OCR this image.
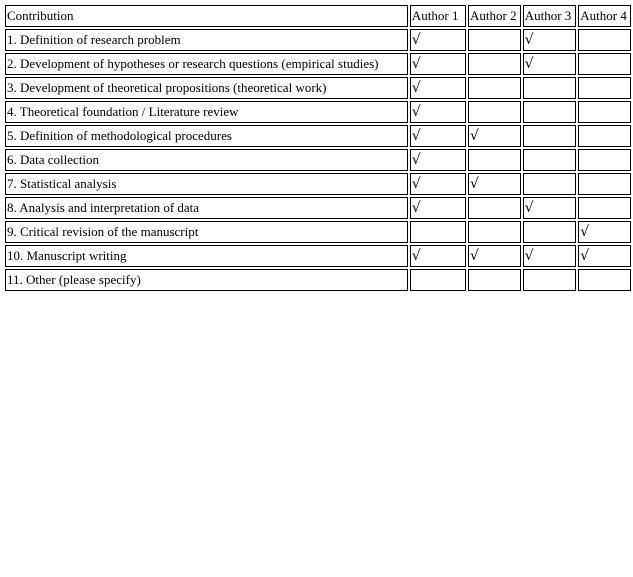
Contribution	Author 1	Author 2	Author 3	Author 4
1. Definition of research problem	√		√	
2. Development of hypotheses or research questions (empirical studies)	√		√	
3. Development of theoretical propositions (theoretical work)	√			
4. Theoretical foundation / Literature review	√			
5. Definition of methodological procedures	√	√		
6. Data collection	√			
7. Statistical analysis	√	√		
8. Analysis and interpretation of data	√		√	
9. Critical revision of the manuscript				√
10. Manuscript writing	√	√	√	√
11. Other (please specify)				
